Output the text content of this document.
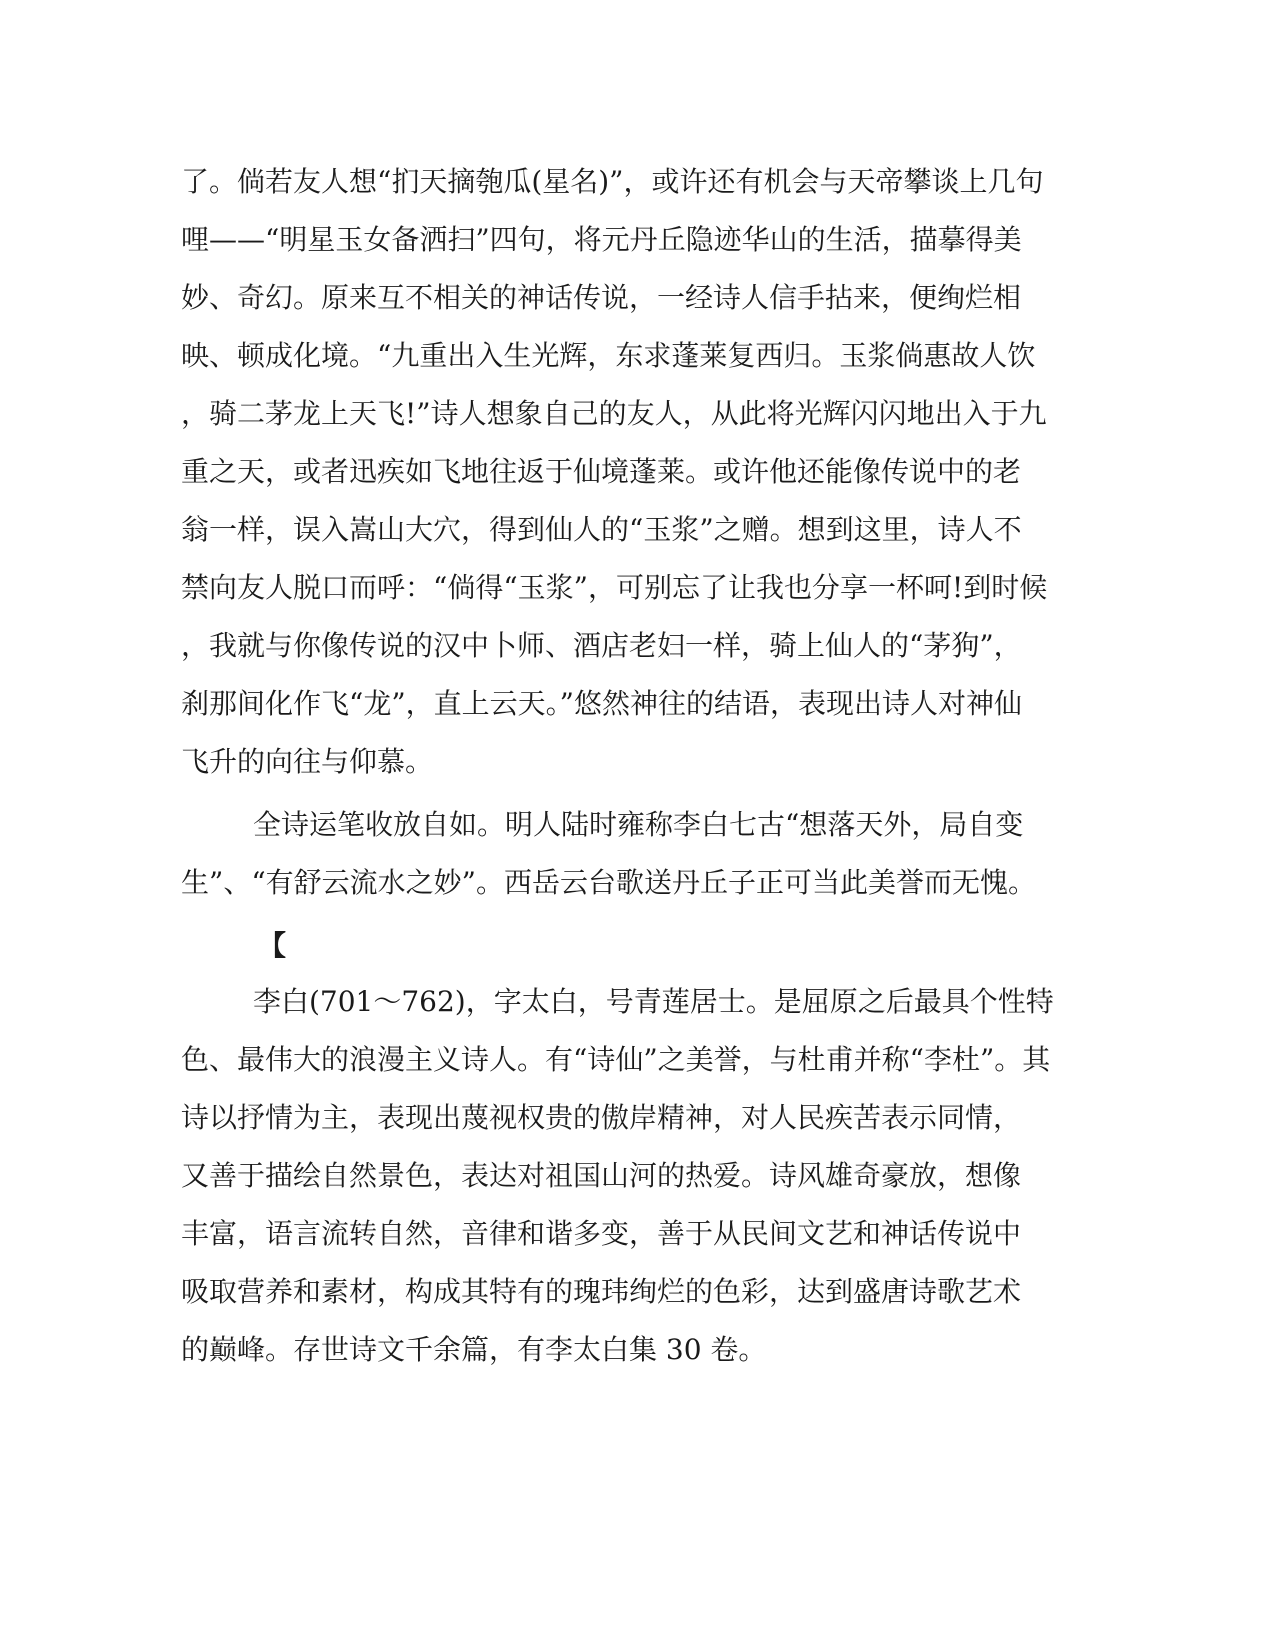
了。倘若友人想“扪天摘匏瓜(星名)”，或许还有机会与天帝攀谈上几句

哩——“明星玉女备洒扫”四句，将元丹丘隐迹华山的生活，描摹得美

妙、奇幻。原来互不相关的神话传说，一经诗人信手拈来，便绚烂相

映、顿成化境。“九重出入生光辉，东求蓬莱复西归。玉浆倘惠故人饮

，骑二茅龙上天飞!”诗人想象自己的友人，从此将光辉闪闪地出入于九

重之天，或者迅疾如飞地往返于仙境蓬莱。或许他还能像传说中的老

翁一样，误入嵩山大穴，得到仙人的“玉浆”之赠。想到这里，诗人不

禁向友人脱口而呼：“倘得“玉浆”，可别忘了让我也分享一杯呵!到时候

，我就与你像传说的汉中卜师、酒店老妇一样，骑上仙人的“茅狗”，

刹那间化作飞“龙”，直上云天。”悠然神往的结语，表现出诗人对神仙

飞升的向往与仰慕。

全诗运笔收放自如。明人陆时雍称李白七古“想落天外，局自变

生”、“有舒云流水之妙”。西岳云台歌送丹丘子正可当此美誉而无愧。

【

李白(701～762)，字太白，号青莲居士。是屈原之后最具个性特

色、最伟大的浪漫主义诗人。有“诗仙”之美誉，与杜甫并称“李杜”。其

诗以抒情为主，表现出蔑视权贵的傲岸精神，对人民疾苦表示同情，

又善于描绘自然景色，表达对祖国山河的热爱。诗风雄奇豪放，想像

丰富，语言流转自然，音律和谐多变，善于从民间文艺和神话传说中

吸取营养和素材，构成其特有的瑰玮绚烂的色彩，达到盛唐诗歌艺术

的巅峰。存世诗文千余篇，有李太白集 30 卷。
